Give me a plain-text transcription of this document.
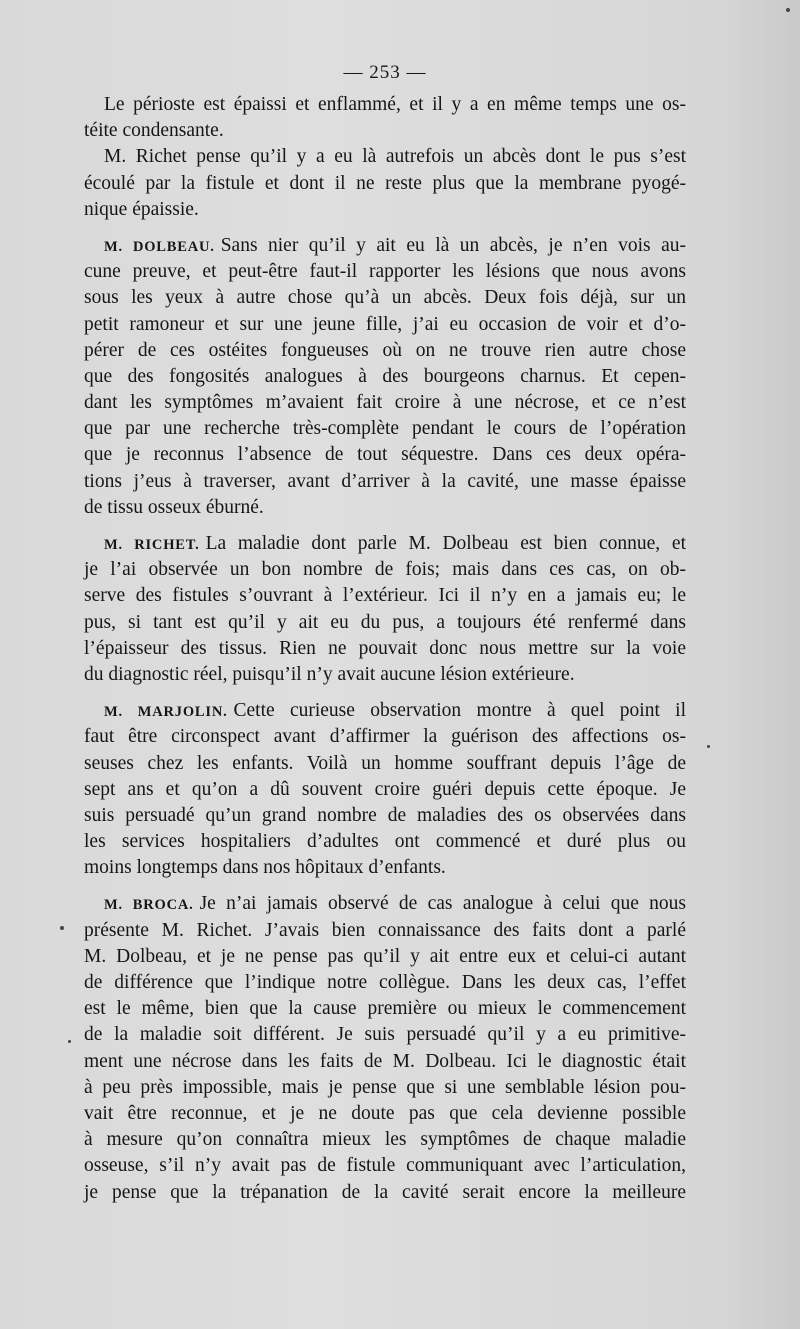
— 253 —
Le périoste est épaissi et enflammé, et il y a en même temps une os-
téite condensante.
M. Richet pense qu’il y a eu là autrefois un abcès dont le pus s’est
écoulé par la fistule et dont il ne reste plus que la membrane pyogé-
nique épaissie.
M. DOLBEAU. Sans nier qu’il y ait eu là un abcès, je n’en vois au-
cune preuve, et peut-être faut-il rapporter les lésions que nous avons
sous les yeux à autre chose qu’à un abcès. Deux fois déjà, sur un
petit ramoneur et sur une jeune fille, j’ai eu occasion de voir et d’o-
pérer de ces ostéites fongueuses où on ne trouve rien autre chose
que des fongosités analogues à des bourgeons charnus. Et cepen-
dant les symptômes m’avaient fait croire à une nécrose, et ce n’est
que par une recherche très-complète pendant le cours de l’opération
que je reconnus l’absence de tout séquestre. Dans ces deux opéra-
tions j’eus à traverser, avant d’arriver à la cavité, une masse épaisse
de tissu osseux éburné.
M. RICHET. La maladie dont parle M. Dolbeau est bien connue, et
je l’ai observée un bon nombre de fois; mais dans ces cas, on ob-
serve des fistules s’ouvrant à l’extérieur. Ici il n’y en a jamais eu; le
pus, si tant est qu’il y ait eu du pus, a toujours été renfermé dans
l’épaisseur des tissus. Rien ne pouvait donc nous mettre sur la voie
du diagnostic réel, puisqu’il n’y avait aucune lésion extérieure.
M. MARJOLIN. Cette curieuse observation montre à quel point il
faut être circonspect avant d’affirmer la guérison des affections os-
seuses chez les enfants. Voilà un homme souffrant depuis l’âge de
sept ans et qu’on a dû souvent croire guéri depuis cette époque. Je
suis persuadé qu’un grand nombre de maladies des os observées dans
les services hospitaliers d’adultes ont commencé et duré plus ou
moins longtemps dans nos hôpitaux d’enfants.
M. BROCA. Je n’ai jamais observé de cas analogue à celui que nous
présente M. Richet. J’avais bien connaissance des faits dont a parlé
M. Dolbeau, et je ne pense pas qu’il y ait entre eux et celui-ci autant
de différence que l’indique notre collègue. Dans les deux cas, l’effet
est le même, bien que la cause première ou mieux le commencement
de la maladie soit différent. Je suis persuadé qu’il y a eu primitive-
ment une nécrose dans les faits de M. Dolbeau. Ici le diagnostic était
à peu près impossible, mais je pense que si une semblable lésion pou-
vait être reconnue, et je ne doute pas que cela devienne possible
à mesure qu’on connaîtra mieux les symptômes de chaque maladie
osseuse, s’il n’y avait pas de fistule communiquant avec l’articulation,
je pense que la trépanation de la cavité serait encore la meilleure
